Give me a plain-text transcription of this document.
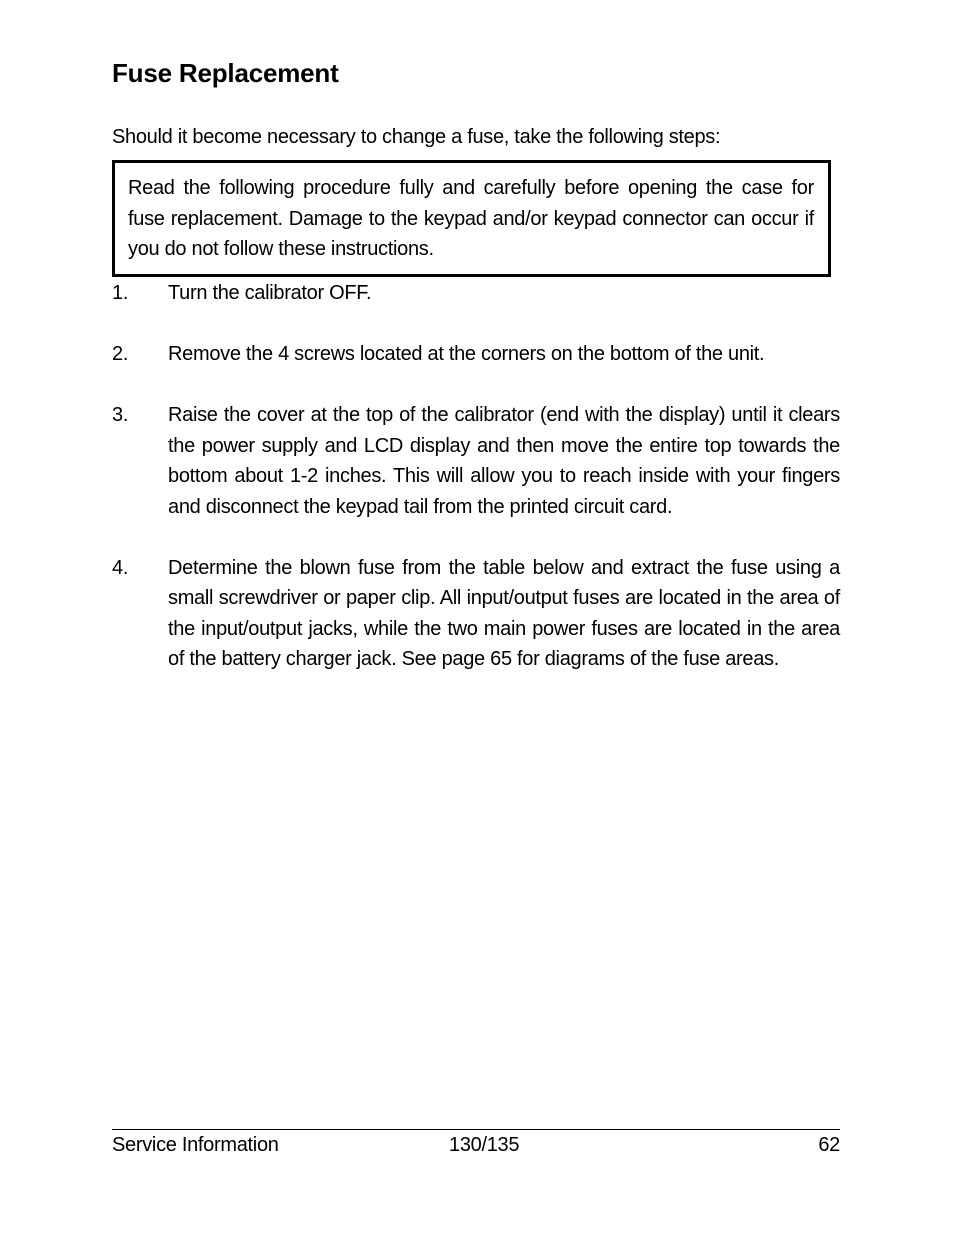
Fuse Replacement

Should it become necessary to change a fuse, take the following steps:

Read the following procedure fully and carefully before opening the case for fuse replacement. Damage to the keypad and/or keypad connector can occur if you do not follow these instructions.
1. Turn the calibrator OFF.
2. Remove the 4 screws located at the corners on the bottom of the unit.
3. Raise the cover at the top of the calibrator (end with the display) until it clears the power supply and LCD display and then move the entire top towards the bottom about 1-2 inches. This will allow you to reach inside with your fingers and disconnect the keypad tail from the printed circuit card.
4. Determine the blown fuse from the table below and extract the fuse using a small screwdriver or paper clip. All input/output fuses are located in the area of the input/output jacks, while the two main power fuses are located in the area of the battery charger jack. See page 65 for diagrams of the fuse areas.
Service Information	130/135	62
